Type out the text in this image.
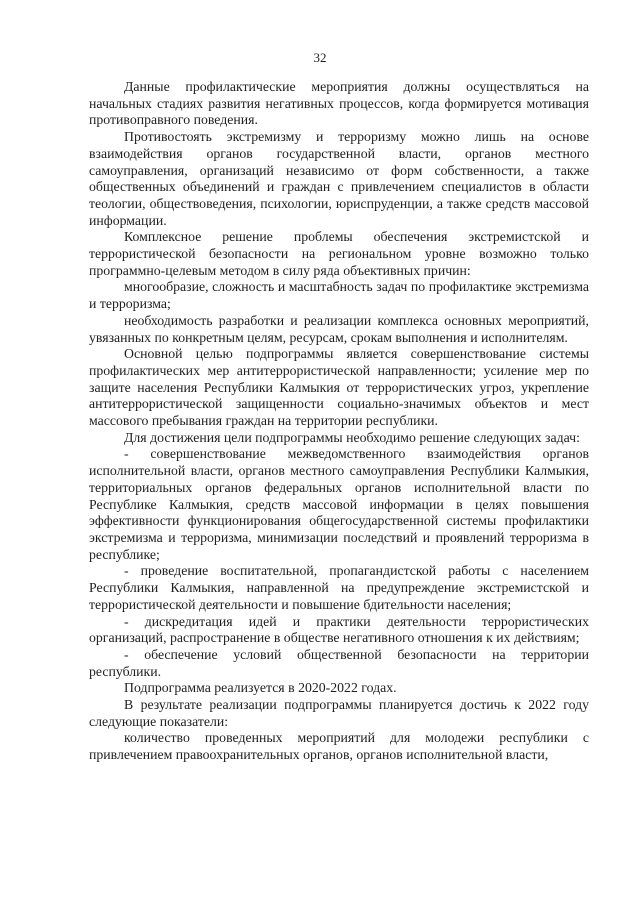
32

Данные профилактические мероприятия должны осуществляться на начальных стадиях развития негативных процессов, когда формируется мотивация противоправного поведения.

Противостоять экстремизму и терроризму можно лишь на основе взаимодействия органов государственной власти, органов местного самоуправления, организаций независимо от форм собственности, а также общественных объединений и граждан с привлечением специалистов в области теологии, обществоведения, психологии, юриспруденции, а также средств массовой информации.

Комплексное решение проблемы обеспечения экстремистской и террористической безопасности на региональном уровне возможно только программно-целевым методом в силу ряда объективных причин:

многообразие, сложность и масштабность задач по профилактике экстремизма и терроризма;

необходимость разработки и реализации комплекса основных мероприятий, увязанных по конкретным целям, ресурсам, срокам выполнения и исполнителям.

Основной целью подпрограммы является совершенствование системы профилактических мер антитеррористической направленности; усиление мер по защите населения Республики Калмыкия от террористических угроз, укрепление антитеррористической защищенности социально-значимых объектов и мест массового пребывания граждан на территории республики.

Для достижения цели подпрограммы необходимо решение следующих задач:

- совершенствование межведомственного взаимодействия органов исполнительной власти, органов местного самоуправления Республики Калмыкия, территориальных органов федеральных органов исполнительной власти по Республике Калмыкия, средств массовой информации в целях повышения эффективности функционирования общегосударственной системы профилактики экстремизма и терроризма, минимизации последствий и проявлений терроризма в республике;

- проведение воспитательной, пропагандистской работы с населением Республики Калмыкия, направленной на предупреждение экстремистской и террористической деятельности и повышение бдительности населения;

- дискредитация идей и практики деятельности террористических организаций, распространение в обществе негативного отношения к их действиям;

- обеспечение условий общественной безопасности на территории республики.

Подпрограмма реализуется в 2020-2022 годах.

В результате реализации подпрограммы планируется достичь к 2022 году следующие показатели:

количество проведенных мероприятий для молодежи республики с привлечением правоохранительных органов, органов исполнительной власти,
